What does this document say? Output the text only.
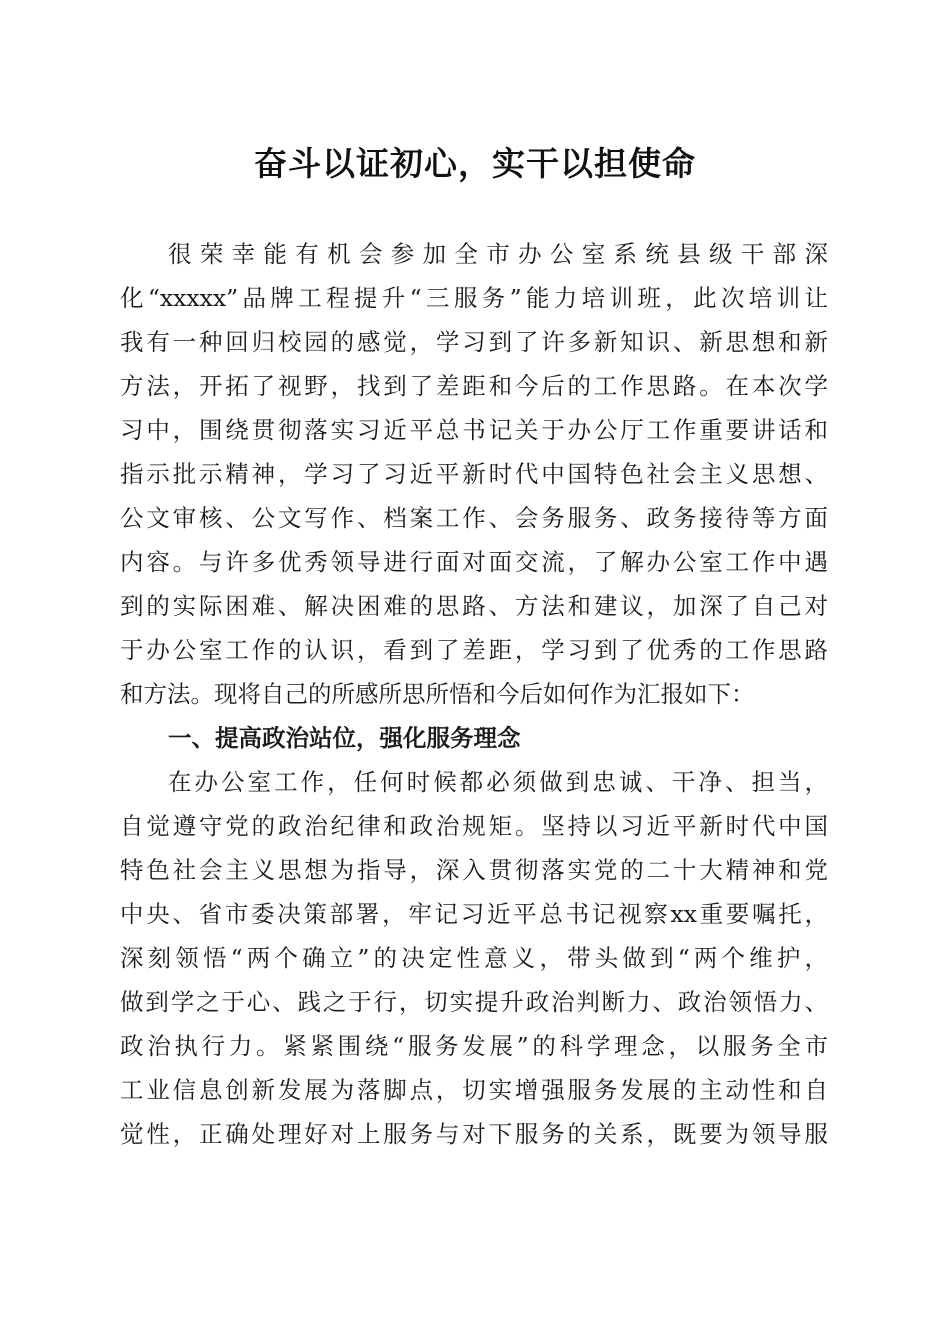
奋斗以证初心，实干以担使命
很荣幸能有机会参加全市办公室系统县级干部深
化“xxxxx”品牌工程提升“三服务”能力培训班，此次培训让
我有一种回归校园的感觉，学习到了许多新知识、新思想和新
方法，开拓了视野，找到了差距和今后的工作思路。在本次学
习中，围绕贯彻落实习近平总书记关于办公厅工作重要讲话和
指示批示精神，学习了习近平新时代中国特色社会主义思想、
公文审核、公文写作、档案工作、会务服务、政务接待等方面
内容。与许多优秀领导进行面对面交流，了解办公室工作中遇
到的实际困难、解决困难的思路、方法和建议，加深了自己对
于办公室工作的认识，看到了差距，学习到了优秀的工作思路
和方法。现将自己的所感所思所悟和今后如何作为汇报如下：
一、提高政治站位，强化服务理念
在办公室工作，任何时候都必须做到忠诚、干净、担当，
自觉遵守党的政治纪律和政治规矩。坚持以习近平新时代中国
特色社会主义思想为指导，深入贯彻落实党的二十大精神和党
中央、省市委决策部署，牢记习近平总书记视察xx重要嘱托，
深刻领悟“两个确立”的决定性意义，带头做到“两个维护，
做到学之于心、践之于行，切实提升政治判断力、政治领悟力、
政治执行力。紧紧围绕“服务发展”的科学理念，以服务全市
工业信息创新发展为落脚点，切实增强服务发展的主动性和自
觉性，正确处理好对上服务与对下服务的关系，既要为领导服
